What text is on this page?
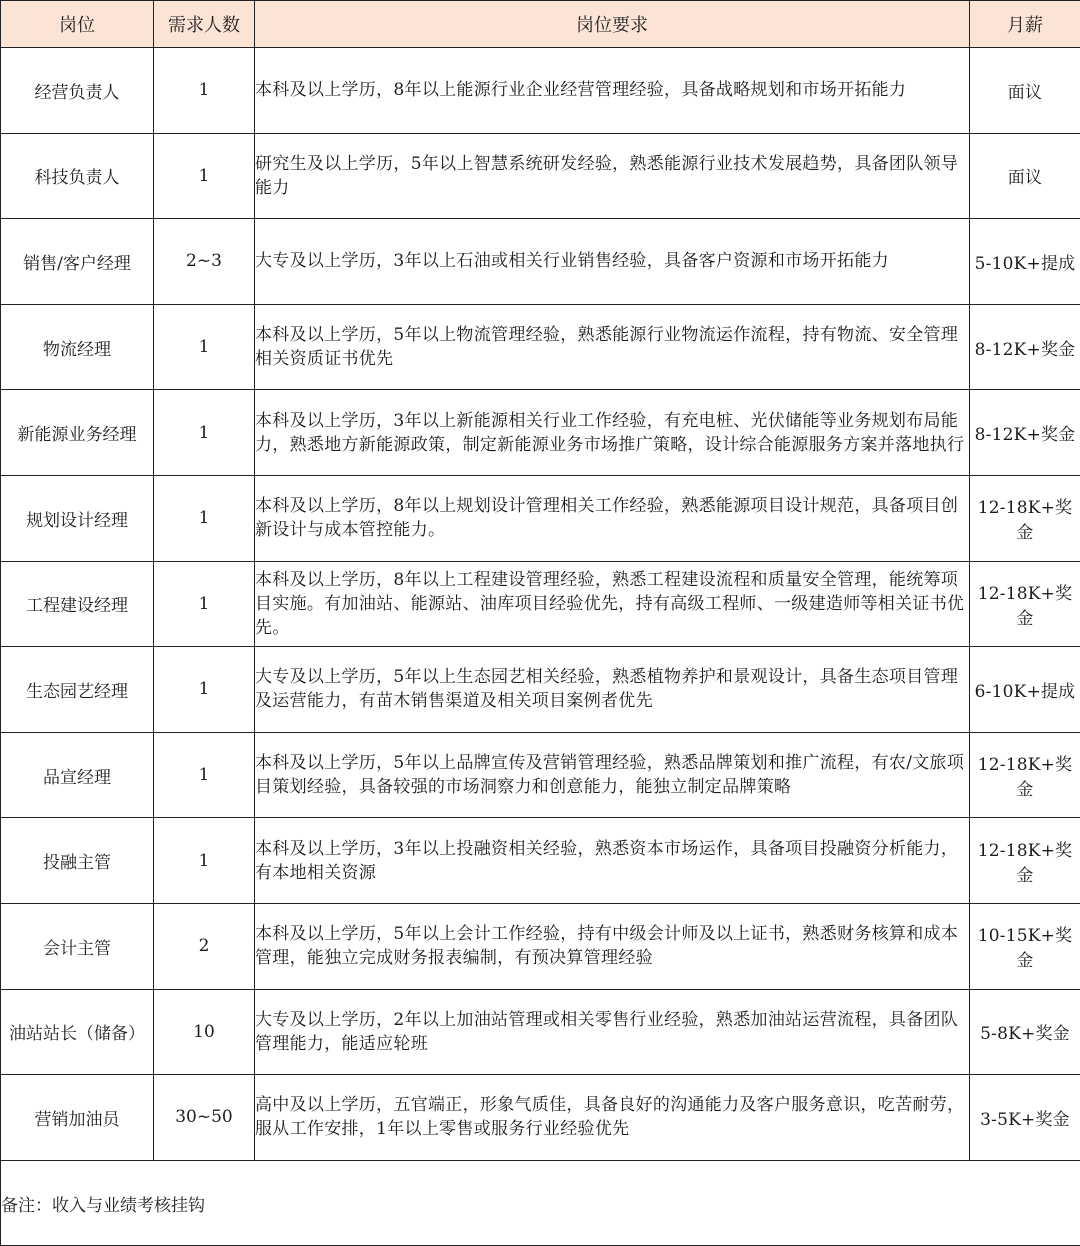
岗位	需求人数	岗位要求	月薪
经营负责人	1	本科及以上学历，8年以上能源行业企业经营管理经验，具备战略规划和市场开拓能力	面议
科技负责人	1	研究生及以上学历，5年以上智慧系统研发经验，熟悉能源行业技术发展趋势，具备团队领导能力	面议
销售/客户经理	2~3	大专及以上学历，3年以上石油或相关行业销售经验，具备客户资源和市场开拓能力	5-10K+提成
物流经理	1	本科及以上学历，5年以上物流管理经验，熟悉能源行业物流运作流程，持有物流、安全管理相关资质证书优先	8-12K+奖金
新能源业务经理	1	本科及以上学历，3年以上新能源相关行业工作经验，有充电桩、光伏储能等业务规划布局能力，熟悉地方新能源政策，制定新能源业务市场推广策略，设计综合能源服务方案并落地执行	8-12K+奖金
规划设计经理	1	本科及以上学历，8年以上规划设计管理相关工作经验，熟悉能源项目设计规范，具备项目创新设计与成本管控能力。	12-18K+奖金
工程建设经理	1	本科及以上学历，8年以上工程建设管理经验，熟悉工程建设流程和质量安全管理，能统筹项目实施。有加油站、能源站、油库项目经验优先，持有高级工程师、一级建造师等相关证书优先。	12-18K+奖金
生态园艺经理	1	大专及以上学历，5年以上生态园艺相关经验，熟悉植物养护和景观设计，具备生态项目管理及运营能力，有苗木销售渠道及相关项目案例者优先	6-10K+提成
品宣经理	1	本科及以上学历，5年以上品牌宣传及营销管理经验，熟悉品牌策划和推广流程，有农/文旅项目策划经验，具备较强的市场洞察力和创意能力，能独立制定品牌策略	12-18K+奖金
投融主管	1	本科及以上学历，3年以上投融资相关经验，熟悉资本市场运作，具备项目投融资分析能力，有本地相关资源	12-18K+奖金
会计主管	2	本科及以上学历，5年以上会计工作经验，持有中级会计师及以上证书，熟悉财务核算和成本管理，能独立完成财务报表编制，有预决算管理经验	10-15K+奖金
油站站长（储备）	10	大专及以上学历，2年以上加油站管理或相关零售行业经验，熟悉加油站运营流程，具备团队管理能力，能适应轮班	5-8K+奖金
营销加油员	30~50	高中及以上学历，五官端正，形象气质佳，具备良好的沟通能力及客户服务意识，吃苦耐劳，服从工作安排，1年以上零售或服务行业经验优先	3-5K+奖金
备注：收入与业绩考核挂钩			
